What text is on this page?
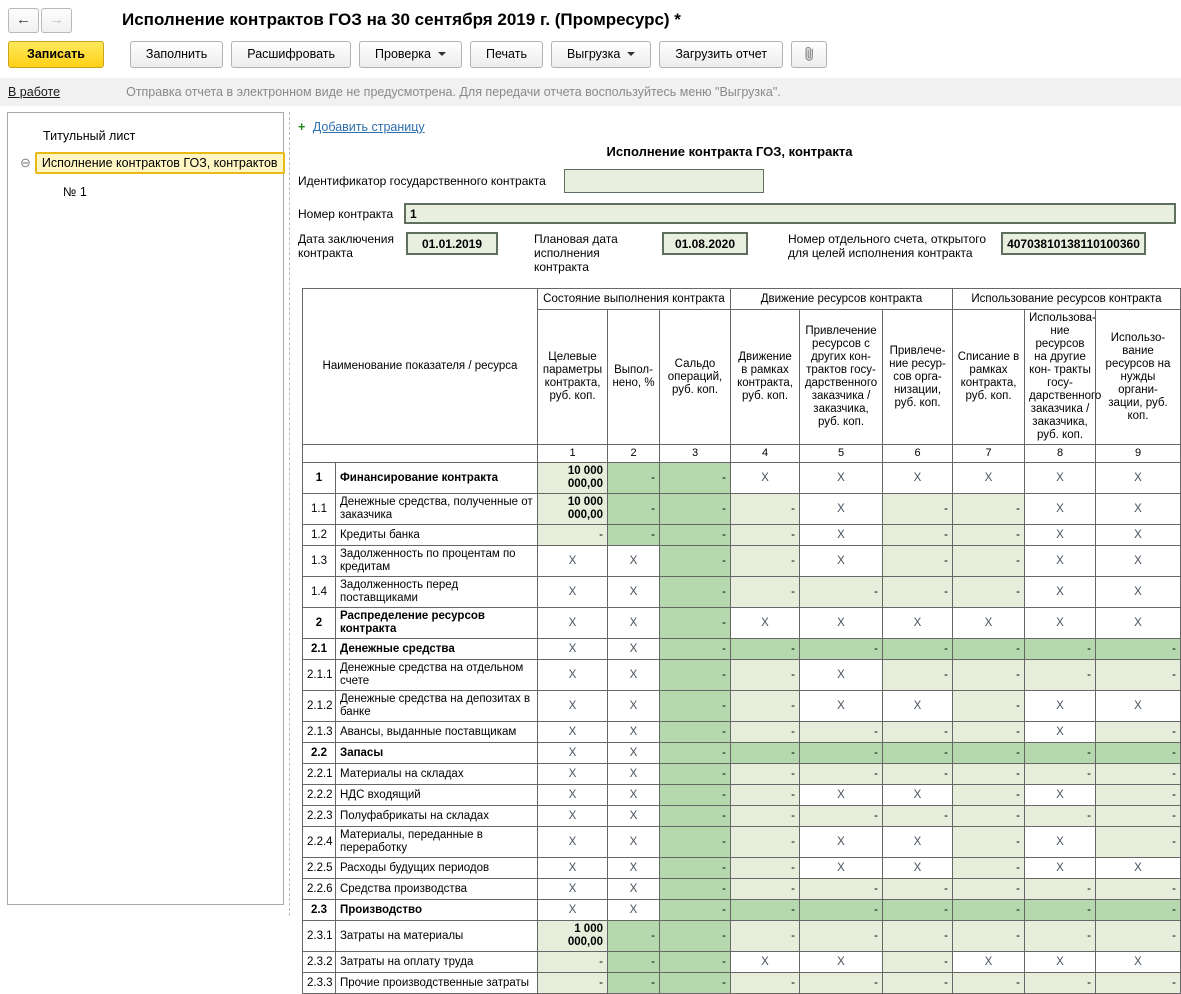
←	→	Исполнение контрактов ГОЗ на 30 сентября 2019 г. (Промресурс) *
Записать	Заполнить	Расшифровать	Проверка	Печать	Выгрузка	Загрузить отчет
В работе	Отправка отчета в электронном виде не предусмотрена. Для передачи отчета воспользуйтесь меню "Выгрузка".
Титульный лист
⊖ Исполнение контрактов ГОЗ, контрактов
№ 1
+ Добавить страницу
Исполнение контракта ГОЗ, контракта
Идентификатор государственного контракта
Номер контракта	1
Дата заключения контракта
01.01.2019	Плановая дата исполнения контракта
01.08.2020	Номер отдельного счета, открытого для целей исполнения контракта
40703810138110100360
Наименование показателя / ресурса		Состояние выполнения контракта			Движение ресурсов контракта			Использование ресурсов контракта		
		Целевые параметры контракта, руб. коп.	Выпол- нено, %	Сальдо операций, руб. коп.	Движение в рамках контракта, руб. коп.	Привлечение ресурсов с других кон- трактов госу- дарственного заказчика / заказчика, руб. коп.	Привлече- ние ресур- сов орга- низации, руб. коп.	Списание в рамках контракта, руб. коп.	Использова- ние ресурсов на другие кон- тракты госу- дарственного заказчика / заказчика, руб. коп.	Использо- вание ресурсов на нужды органи- зации, руб. коп.
		1	2	3	4	5	6	7	8	9
1	Финансирование контракта	10 000 000,00	-	-	X	X	X	X	X	X
1.1	Денежные средства, полученные от заказчика	10 000 000,00	-	-	-	X	-	-	X	X
1.2	Кредиты банка	-	-	-	-	X	-	-	X	X
1.3	Задолженность по процентам по кредитам	X	X	-	-	X	-	-	X	X
1.4	Задолженность перед поставщиками	X	X	-	-	-	-	-	X	X
2	Распределение ресурсов контракта	X	X	-	X	X	X	X	X	X
2.1	Денежные средства	X	X	-	-	-	-	-	-	-
2.1.1	Денежные средства на отдельном счете	X	X	-	-	X	-	-	-	-
2.1.2	Денежные средства на депозитах в банке	X	X	-	-	X	X	-	X	X
2.1.3	Авансы, выданные поставщикам	X	X	-	-	-	-	-	X	-
2.2	Запасы	X	X	-	-	-	-	-	-	-
2.2.1	Материалы на складах	X	X	-	-	-	-	-	-	-
2.2.2	НДС входящий	X	X	-	-	X	X	-	X	-
2.2.3	Полуфабрикаты на складах	X	X	-	-	-	-	-	-	-
2.2.4	Материалы, переданные в переработку	X	X	-	-	X	X	-	X	-
2.2.5	Расходы будущих периодов	X	X	-	-	X	X	-	X	X
2.2.6	Средства производства	X	X	-	-	-	-	-	-	-
2.3	Производство	X	X	-	-	-	-	-	-	-
2.3.1	Затраты на материалы	1 000 000,00	-	-	-	-	-	-	-	-
2.3.2	Затраты на оплату труда	-	-	-	X	X	-	X	X	X
2.3.3	Прочие производственные затраты	-	-	-	-	-	-	-	-	-
